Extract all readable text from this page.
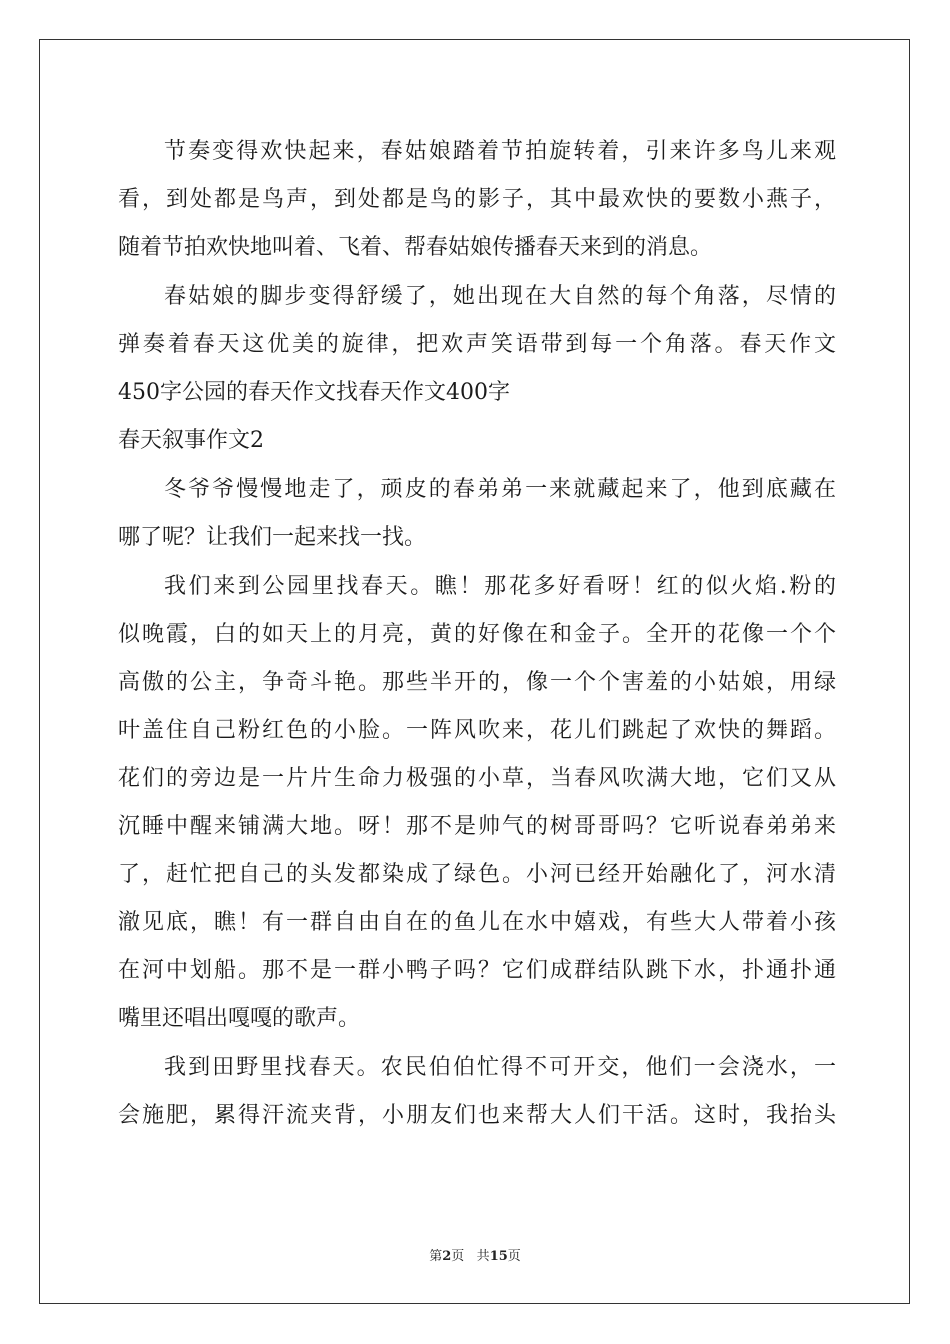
节奏变得欢快起来，春姑娘踏着节拍旋转着，引来许多鸟儿来观
看，到处都是鸟声，到处都是鸟的影子，其中最欢快的要数小燕子，
随着节拍欢快地叫着、飞着、帮春姑娘传播春天来到的消息。
春姑娘的脚步变得舒缓了，她出现在大自然的每个角落，尽情的
弹奏着春天这优美的旋律，把欢声笑语带到每一个角落。春天作文
450字公园的春天作文找春天作文400字
春天叙事作文2
冬爷爷慢慢地走了，顽皮的春弟弟一来就藏起来了，他到底藏在
哪了呢？让我们一起来找一找。
我们来到公园里找春天。瞧！那花多好看呀！红的似火焰.粉的
似晚霞，白的如天上的月亮，黄的好像在和金子。全开的花像一个个
高傲的公主，争奇斗艳。那些半开的，像一个个害羞的小姑娘，用绿
叶盖住自己粉红色的小脸。一阵风吹来，花儿们跳起了欢快的舞蹈。
花们的旁边是一片片生命力极强的小草，当春风吹满大地，它们又从
沉睡中醒来铺满大地。呀！那不是帅气的树哥哥吗？它听说春弟弟来
了，赶忙把自己的头发都染成了绿色。小河已经开始融化了，河水清
澈见底，瞧！有一群自由自在的鱼儿在水中嬉戏，有些大人带着小孩
在河中划船。那不是一群小鸭子吗？它们成群结队跳下水，扑通扑通
嘴里还唱出嘎嘎的歌声。
我到田野里找春天。农民伯伯忙得不可开交，他们一会浇水，一
会施肥，累得汗流夹背，小朋友们也来帮大人们干活。这时，我抬头
第2页 共15页
